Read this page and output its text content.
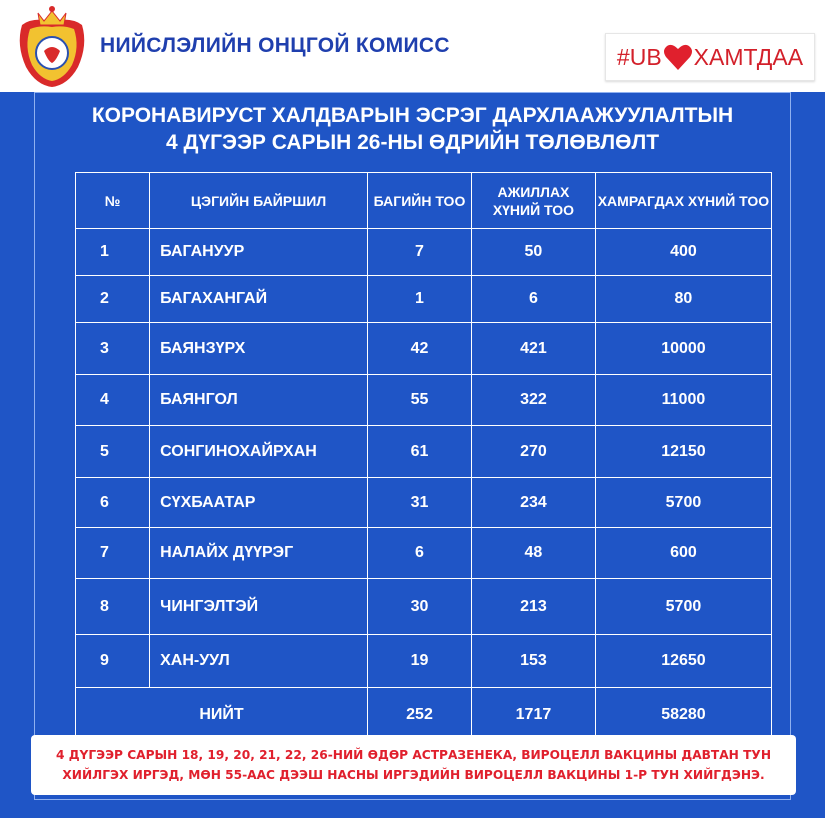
НИЙСЛЭЛИЙН ОНЦГОЙ КОМИСС	#UB ХАМТДАА
КОРОНАВИРУСТ ХАЛДВАРЫН ЭСРЭГ ДАРХЛААЖУУЛАЛТЫН
4 ДҮГЭЭР САРЫН 26-НЫ ӨДРИЙН ТӨЛӨВЛӨЛТ
№	ЦЭГИЙН БАЙРШИЛ	БАГИЙН ТОО	АЖИЛЛАХ ХҮНИЙ ТОО	ХАМРАГДАХ ХҮНИЙ ТОО
1	БАГАНУУР	7	50	400
2	БАГАХАНГАЙ	1	6	80
3	БАЯНЗҮРХ	42	421	10000
4	БАЯНГОЛ	55	322	11000
5	СОНГИНОХАЙРХАН	61	270	12150
6	СҮХБААТАР	31	234	5700
7	НАЛАЙХ ДҮҮРЭГ	6	48	600
8	ЧИНГЭЛТЭЙ	30	213	5700
9	ХАН-УУЛ	19	153	12650
НИЙТ		252	1717	58280
4 ДҮГЭЭР САРЫН 18, 19, 20, 21, 22, 26-НИЙ ӨДӨР АСТРАЗЕНЕКА, ВИРОЦЕЛЛ ВАКЦИНЫ ДАВТАН ТУН
ХИЙЛГЭХ ИРГЭД, МӨН 55-ААС ДЭЭШ НАСНЫ ИРГЭДИЙН ВИРОЦЕЛЛ ВАКЦИНЫ 1-Р ТУН ХИЙГДЭНЭ.
